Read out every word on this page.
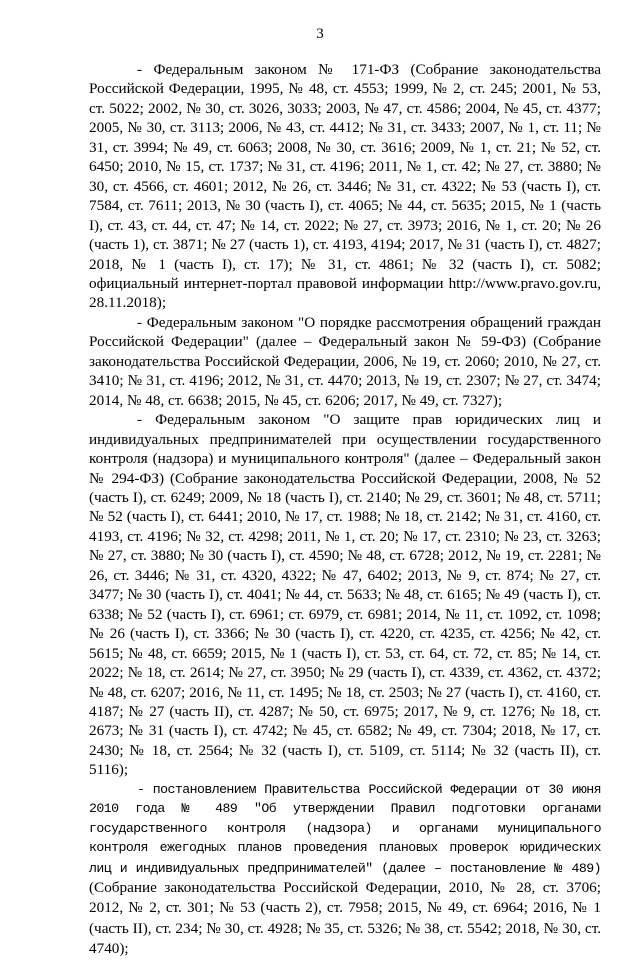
3

- Федеральным законом № 171-ФЗ (Собрание законодательства Российской Федерации, 1995, № 48, ст. 4553; 1999, № 2, ст. 245; 2001, № 53, ст. 5022; 2002, № 30, ст. 3026, 3033; 2003, № 47, ст. 4586; 2004, № 45, ст. 4377; 2005, № 30, ст. 3113; 2006, № 43, ст. 4412; № 31, ст. 3433; 2007, № 1, ст. 11; № 31, ст. 3994; № 49, ст. 6063; 2008, № 30, ст. 3616; 2009, № 1, ст. 21; № 52, ст. 6450; 2010, № 15, ст. 1737; № 31, ст. 4196; 2011, № 1, ст. 42; № 27, ст. 3880; № 30, ст. 4566, ст. 4601; 2012, № 26, ст. 3446; № 31, ст. 4322; № 53 (часть I), ст. 7584, ст. 7611; 2013, № 30 (часть I), ст. 4065; № 44, ст. 5635; 2015, № 1 (часть I), ст. 43, ст. 44, ст. 47; № 14, ст. 2022; № 27, ст. 3973; 2016, № 1, ст. 20; № 26 (часть 1), ст. 3871; № 27 (часть 1), ст. 4193, 4194; 2017, № 31 (часть I), ст. 4827; 2018, № 1 (часть I), ст. 17); № 31, ст. 4861; № 32 (часть I), ст. 5082; официальный интернет-портал правовой информации http://www.pravo.gov.ru, 28.11.2018);

- Федеральным законом "О порядке рассмотрения обращений граждан Российской Федерации" (далее – Федеральный закон № 59-ФЗ) (Собрание законодательства Российской Федерации, 2006, № 19, ст. 2060; 2010, № 27, ст. 3410; № 31, ст. 4196; 2012, № 31, ст. 4470; 2013, № 19, ст. 2307; № 27, ст. 3474; 2014, № 48, ст. 6638; 2015, № 45, ст. 6206; 2017, № 49, ст. 7327);

- Федеральным законом "О защите прав юридических лиц и индивидуальных предпринимателей при осуществлении государственного контроля (надзора) и муниципального контроля" (далее – Федеральный закон № 294-ФЗ) (Собрание законодательства Российской Федерации, 2008, № 52 (часть I), ст. 6249; 2009, № 18 (часть I), ст. 2140; № 29, ст. 3601; № 48, ст. 5711; № 52 (часть I), ст. 6441; 2010, № 17, ст. 1988; № 18, ст. 2142; № 31, ст. 4160, ст. 4193, ст. 4196; № 32, ст. 4298; 2011, № 1, ст. 20; № 17, ст. 2310; № 23, ст. 3263; № 27, ст. 3880; № 30 (часть I), ст. 4590; № 48, ст. 6728; 2012, № 19, ст. 2281; № 26, ст. 3446; № 31, ст. 4320, 4322; № 47, 6402; 2013, № 9, ст. 874; № 27, ст. 3477; № 30 (часть I), ст. 4041; № 44, ст. 5633; № 48, ст. 6165; № 49 (часть I), ст. 6338; № 52 (часть I), ст. 6961; ст. 6979, ст. 6981; 2014, № 11, ст. 1092, ст. 1098; № 26 (часть I), ст. 3366; № 30 (часть I), ст. 4220, ст. 4235, ст. 4256; № 42, ст. 5615; № 48, ст. 6659; 2015, № 1 (часть I), ст. 53, ст. 64, ст. 72, ст. 85; № 14, ст. 2022; № 18, ст. 2614; № 27, ст. 3950; № 29 (часть I), ст. 4339, ст. 4362, ст. 4372; № 48, ст. 6207; 2016, № 11, ст. 1495; № 18, ст. 2503; № 27 (часть I), ст. 4160, ст. 4187; № 27 (часть II), ст. 4287; № 50, ст. 6975; 2017, № 9, ст. 1276; № 18, ст. 2673; № 31 (часть I), ст. 4742; № 45, ст. 6582; № 49, ст. 7304; 2018, № 17, ст. 2430; № 18, ст. 2564; № 32 (часть I), ст. 5109, ст. 5114; № 32 (часть II), ст. 5116);

- постановлением Правительства Российской Федерации от 30 июня 2010 года № 489 "Об утверждении Правил подготовки органами государственного контроля (надзора) и органами муниципального контроля ежегодных планов проведения плановых проверок юридических лиц и индивидуальных предпринимателей" (далее – постановление № 489) (Собрание законодательства Российской Федерации, 2010, № 28, ст. 3706; 2012, № 2, ст. 301; № 53 (часть 2), ст. 7958; 2015, № 49, ст. 6964; 2016, № 1 (часть II), ст. 234; № 30, ст. 4928; № 35, ст. 5326; № 38, ст. 5542; 2018, № 30, ст. 4740);
